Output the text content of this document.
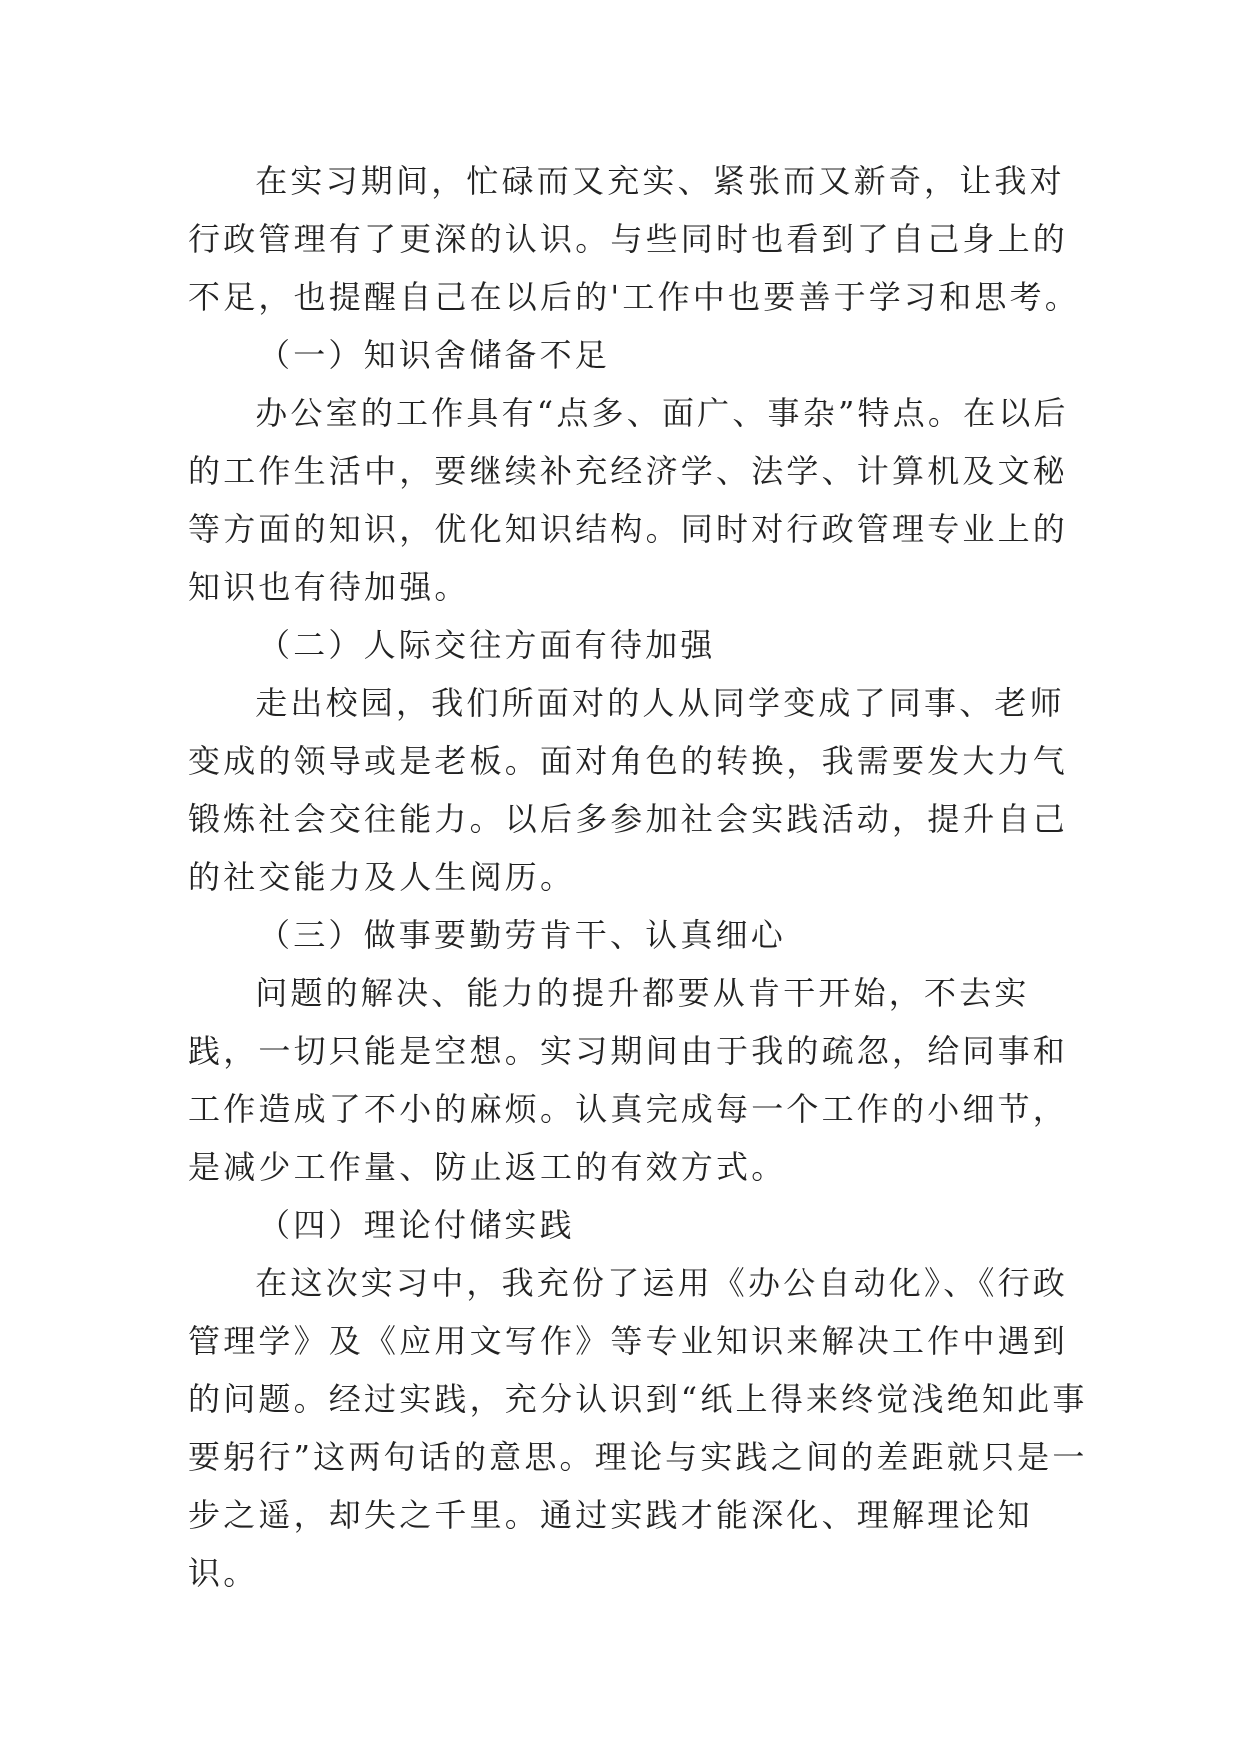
在实习期间，忙碌而又充实、紧张而又新奇，让我对行政管理有了更深的认识。与些同时也看到了自己身上的不足，也提醒自己在以后的'工作中也要善于学习和思考。

（一）知识舍储备不足

办公室的工作具有“点多、面广、事杂”特点。在以后的工作生活中，要继续补充经济学、法学、计算机及文秘等方面的知识，优化知识结构。同时对行政管理专业上的知识也有待加强。

（二）人际交往方面有待加强

走出校园，我们所面对的人从同学变成了同事、老师变成的领导或是老板。面对角色的转换，我需要发大力气锻炼社会交往能力。以后多参加社会实践活动，提升自己的社交能力及人生阅历。

（三）做事要勤劳肯干、认真细心

问题的解决、能力的提升都要从肯干开始，不去实践，一切只能是空想。实习期间由于我的疏忽，给同事和工作造成了不小的麻烦。认真完成每一个工作的小细节，是减少工作量、防止返工的有效方式。

（四）理论付储实践

在这次实习中，我充份了运用《办公自动化》、《行政管理学》及《应用文写作》等专业知识来解决工作中遇到的问题。经过实践，充分认识到“纸上得来终觉浅绝知此事要躬行”这两句话的意思。理论与实践之间的差距就只是一步之遥，却失之千里。通过实践才能深化、理解理论知识。
